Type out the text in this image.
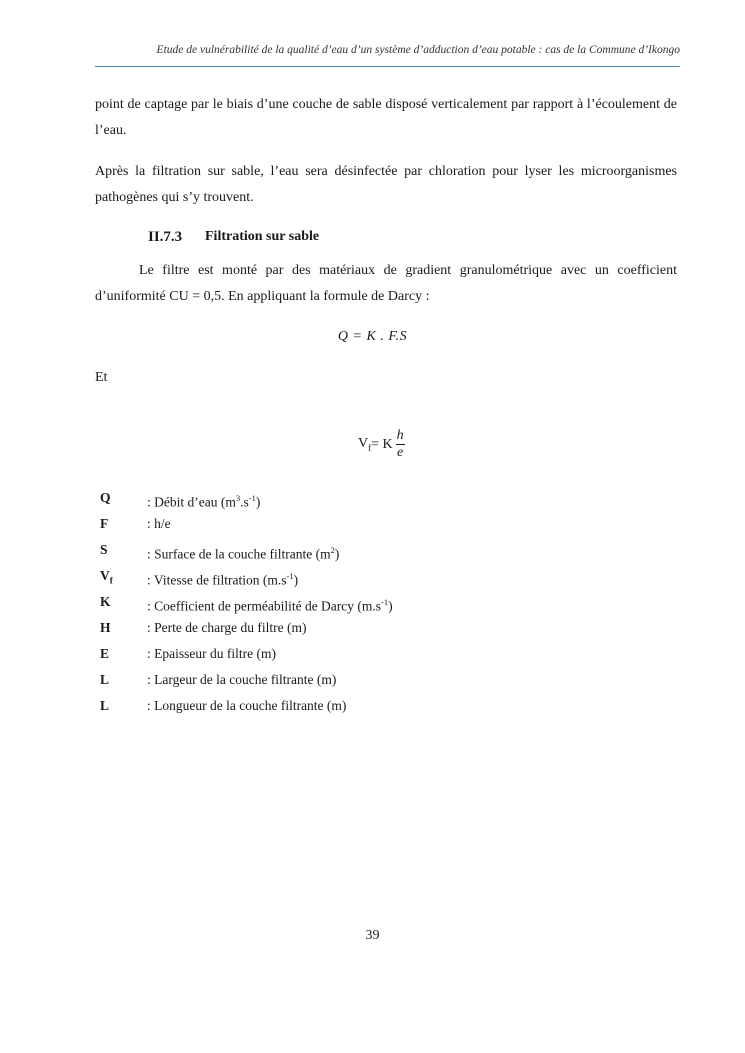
Etude de vulnérabilité de la qualité d’eau d’un système d’adduction d’eau potable : cas de la Commune d’Ikongo
point de captage par le biais d’une couche de sable disposé verticalement par rapport à l’écoulement de l’eau.
Après la filtration sur sable, l’eau sera désinfectée par chloration pour lyser les microorganismes pathogènes qui s’y trouvent.
II.7.3 Filtration sur sable
Le filtre est monté par des matériaux de gradient granulométrique avec un coefficient d’uniformité CU = 0,5. En appliquant la formule de Darcy :
Q = K . F.S
Et
$V_f = K \frac{h}{e}$
Q	: Débit d’eau $(m^3.s^{-1})$
F	: h/e
S	: Surface de la couche filtrante $(m^2)$
$V_f$	: Vitesse de filtration $(m.s^{-1})$
K	: Coefficient de perméabilité de Darcy $(m.s^{-1})$
H	: Perte de charge du filtre (m)
E	: Epaisseur du filtre (m)
L	: Largeur de la couche filtrante (m)
L	: Longueur de la couche filtrante (m)
39
